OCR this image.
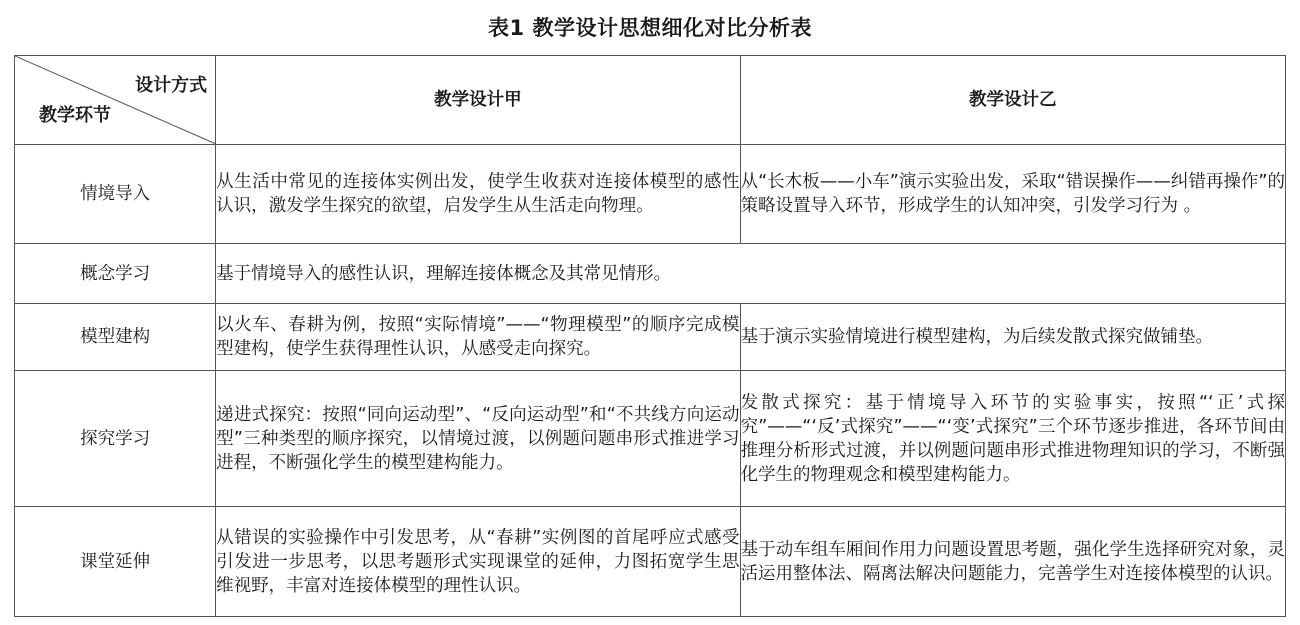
表1 教学设计思想细化对比分析表
设计方式
教学环节	教学设计甲	教学设计乙
情境导入	从生活中常见的连接体实例出发，使学生收获对连接体模型的感性认识，激发学生探究的欲望，启发学生从生活走向物理。	从“长木板——小车”演示实验出发，采取“错误操作——纠错再操作”的策略设置导入环节，形成学生的认知冲突，引发学习行为 。
概念学习	基于情境导入的感性认识，理解连接体概念及其常见情形。	
模型建构	以火车、春耕为例，按照“实际情境”——“物理模型”的顺序完成模型建构，使学生获得理性认识，从感受走向探究。	基于演示实验情境进行模型建构，为后续发散式探究做铺垫。
探究学习	递进式探究：按照“同向运动型”、“反向运动型”和“不共线方向运动型”三种类型的顺序探究，以情境过渡，以例题问题串形式推进学习进程，不断强化学生的模型建构能力。	发散式探究：基于情境导入环节的实验事实，按照“‘正’式探究”——“‘反’式探究”——“‘变’式探究”三个环节逐步推进，各环节间由推理分析形式过渡，并以例题问题串形式推进物理知识的学习，不断强化学生的物理观念和模型建构能力。
课堂延伸	从错误的实验操作中引发思考，从“春耕”实例图的首尾呼应式感受引发进一步思考，以思考题形式实现课堂的延伸，力图拓宽学生思维视野，丰富对连接体模型的理性认识。	基于动车组车厢间作用力问题设置思考题，强化学生选择研究对象，灵活运用整体法、隔离法解决问题能力，完善学生对连接体模型的认识。
